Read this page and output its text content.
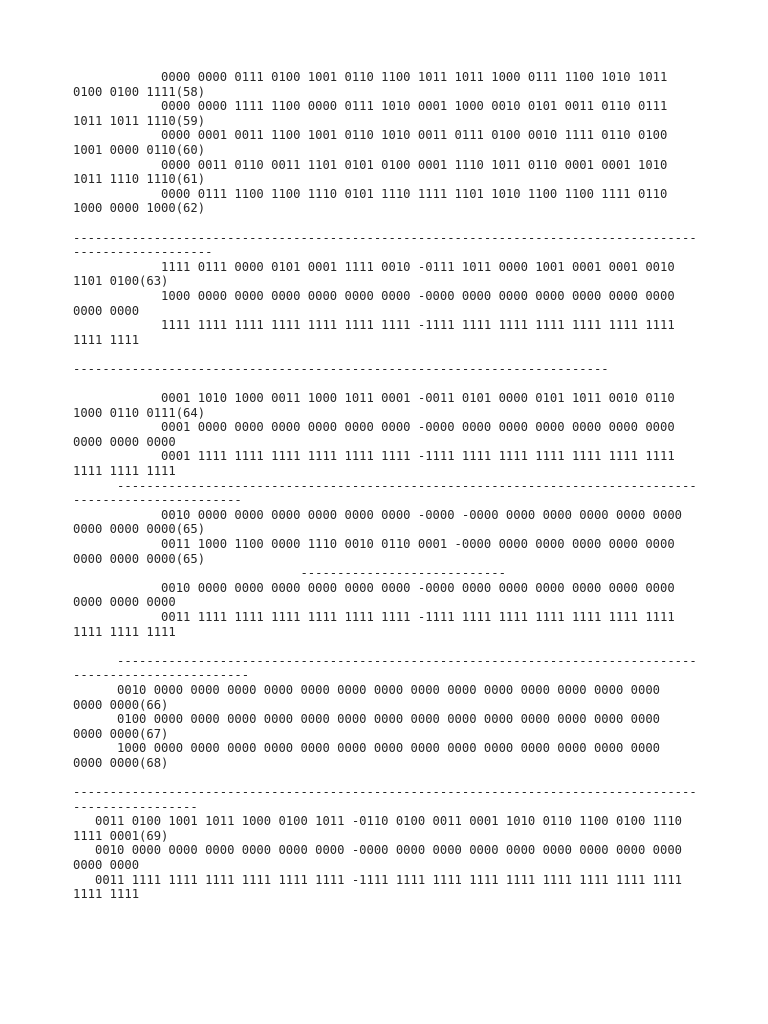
0000 0000 0111 0100 1001 0110 1100 1011 1011 1000 0111 1100 1010 1011
0100 0100 1111(58)
0000 0000 1111 1100 0000 0111 1010 0001 1000 0010 0101 0011 0110 0111
1011 1011 1110(59)
0000 0001 0011 1100 1001 0110 1010 0011 0111 0100 0010 1111 0110 0100
1001 0000 0110(60)
0000 0011 0110 0011 1101 0101 0100 0001 1110 1011 0110 0001 0001 1010
1011 1110 1110(61)
0000 0111 1100 1100 1110 0101 1110 1111 1101 1010 1100 1100 1111 0110
1000 0000 1000(62)
-------------------------------------------------------------------------------------
-------------------
1111 0111 0000 0101 0001 1111 0010 -0111 1011 0000 1001 0001 0001 0010
1101 0100(63)
1000 0000 0000 0000 0000 0000 0000 -0000 0000 0000 0000 0000 0000 0000
0000 0000
1111 1111 1111 1111 1111 1111 1111 -1111 1111 1111 1111 1111 1111 1111
1111 1111
-------------------------------------------------------------------------
0001 1010 1000 0011 1000 1011 0001 -0011 0101 0000 0101 1011 0010 0110
1000 0110 0111(64)
0001 0000 0000 0000 0000 0000 0000 -0000 0000 0000 0000 0000 0000 0000
0000 0000 0000
0001 1111 1111 1111 1111 1111 1111 -1111 1111 1111 1111 1111 1111 1111
1111 1111 1111
-------------------------------------------------------------------------------
-----------------------
0010 0000 0000 0000 0000 0000 0000 -0000 -0000 0000 0000 0000 0000 0000
0000 0000 0000(65)
0011 1000 1100 0000 1110 0010 0110 0001 -0000 0000 0000 0000 0000 0000
0000 0000 0000(65)
----------------------------
0010 0000 0000 0000 0000 0000 0000 -0000 0000 0000 0000 0000 0000 0000
0000 0000 0000
0011 1111 1111 1111 1111 1111 1111 -1111 1111 1111 1111 1111 1111 1111
1111 1111 1111
-------------------------------------------------------------------------------
------------------------
0010 0000 0000 0000 0000 0000 0000 0000 0000 0000 0000 0000 0000 0000 0000
0000 0000(66)
0100 0000 0000 0000 0000 0000 0000 0000 0000 0000 0000 0000 0000 0000 0000
0000 0000(67)
1000 0000 0000 0000 0000 0000 0000 0000 0000 0000 0000 0000 0000 0000 0000
0000 0000(68)
-------------------------------------------------------------------------------------
-----------------
0011 0100 1001 1011 1000 0100 1011 -0110 0100 0011 0001 1010 0110 1100 0100 1110
1111 0001(69)
0010 0000 0000 0000 0000 0000 0000 -0000 0000 0000 0000 0000 0000 0000 0000 0000
0000 0000
0011 1111 1111 1111 1111 1111 1111 -1111 1111 1111 1111 1111 1111 1111 1111 1111
1111 1111
